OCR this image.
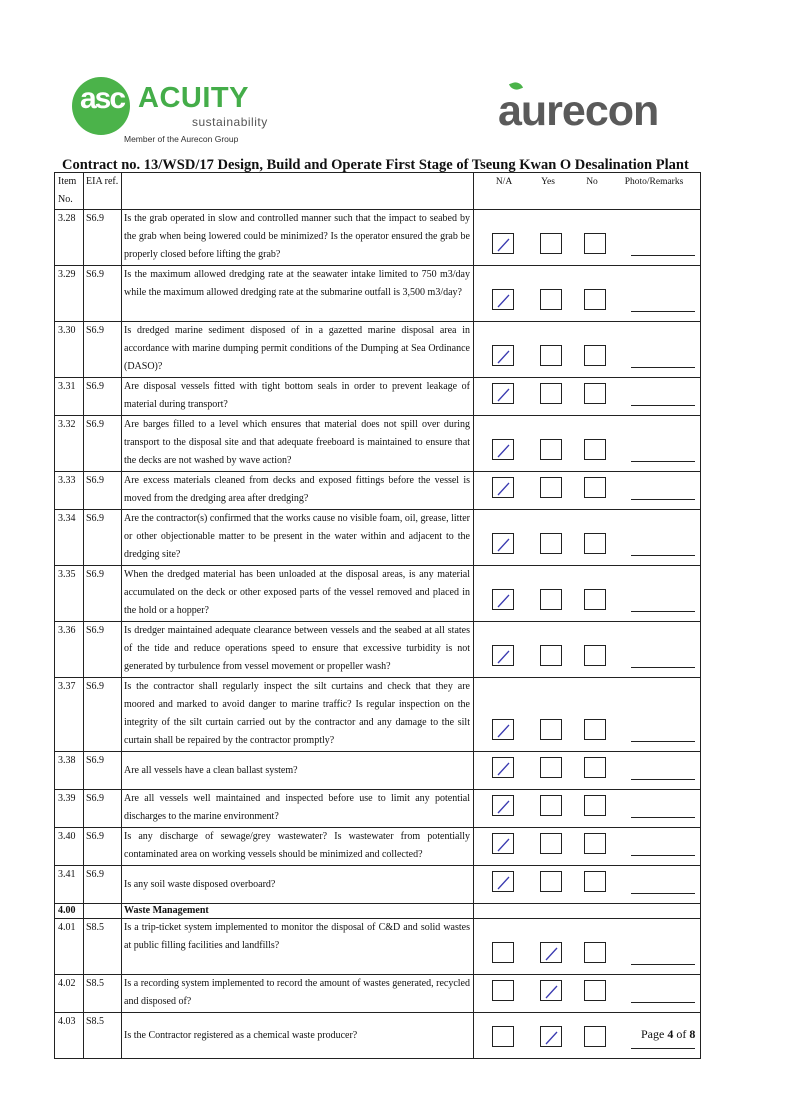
asc ACUITY
sustainability
Member of the Aurecon Group
aurecon
Contract no. 13/WSD/17 Design, Build and Operate First Stage of Tseung Kwan O Desalination Plant
Item No.	EIA ref.		N/A Yes No Photo/Remarks

3.28	S6.9	Is the grab operated in slow and controlled manner such that the impact to seabed by the grab when being lowered could be minimized? Is the operator ensured the grab be properly closed before lifting the grab?	

3.29	S6.9	Is the maximum allowed dredging rate at the seawater intake limited to 750 m3/day while the maximum allowed dredging rate at the submarine outfall is 3,500 m3/day?	

3.30	S6.9	Is dredged marine sediment disposed of in a gazetted marine disposal area in accordance with marine dumping permit conditions of the Dumping at Sea Ordinance (DASO)?	

3.31	S6.9	Are disposal vessels fitted with tight bottom seals in order to prevent leakage of material during transport?	

3.32	S6.9	Are barges filled to a level which ensures that material does not spill over during transport to the disposal site and that adequate freeboard is maintained to ensure that the decks are not washed by wave action?	

3.33	S6.9	Are excess materials cleaned from decks and exposed fittings before the vessel is moved from the dredging area after dredging?	

3.34	S6.9	Are the contractor(s) confirmed that the works cause no visible foam, oil, grease, litter or other objectionable matter to be present in the water within and adjacent to the dredging site?	

3.35	S6.9	When the dredged material has been unloaded at the disposal areas, is any material accumulated on the deck or other exposed parts of the vessel removed and placed in the hold or a hopper?	

3.36	S6.9	Is dredger maintained adequate clearance between vessels and the seabed at all states of the tide and reduce operations speed to ensure that excessive turbidity is not generated by turbulence from vessel movement or propeller wash?	

3.37	S6.9	Is the contractor shall regularly inspect the silt curtains and check that they are moored and marked to avoid danger to marine traffic? Is regular inspection on the integrity of the silt curtain carried out by the contractor and any damage to the silt curtain shall be repaired by the contractor promptly?	

3.38	S6.9	Are all vessels have a clean ballast system?	

3.39	S6.9	Are all vessels well maintained and inspected before use to limit any potential discharges to the marine environment?	

3.40	S6.9	Is any discharge of sewage/grey wastewater? Is wastewater from potentially contaminated area on working vessels should be minimized and collected?	

3.41	S6.9	Is any soil waste disposed overboard?	

4.00		Waste Management	
4.01	S8.5	Is a trip-ticket system implemented to monitor the disposal of C&D and solid wastes at public filling facilities and landfills?	

4.02	S8.5	Is a recording system implemented to record the amount of wastes generated, recycled and disposed of?	

4.03	S8.5	Is the Contractor registered as a chemical waste producer?		Page 4 of 8
